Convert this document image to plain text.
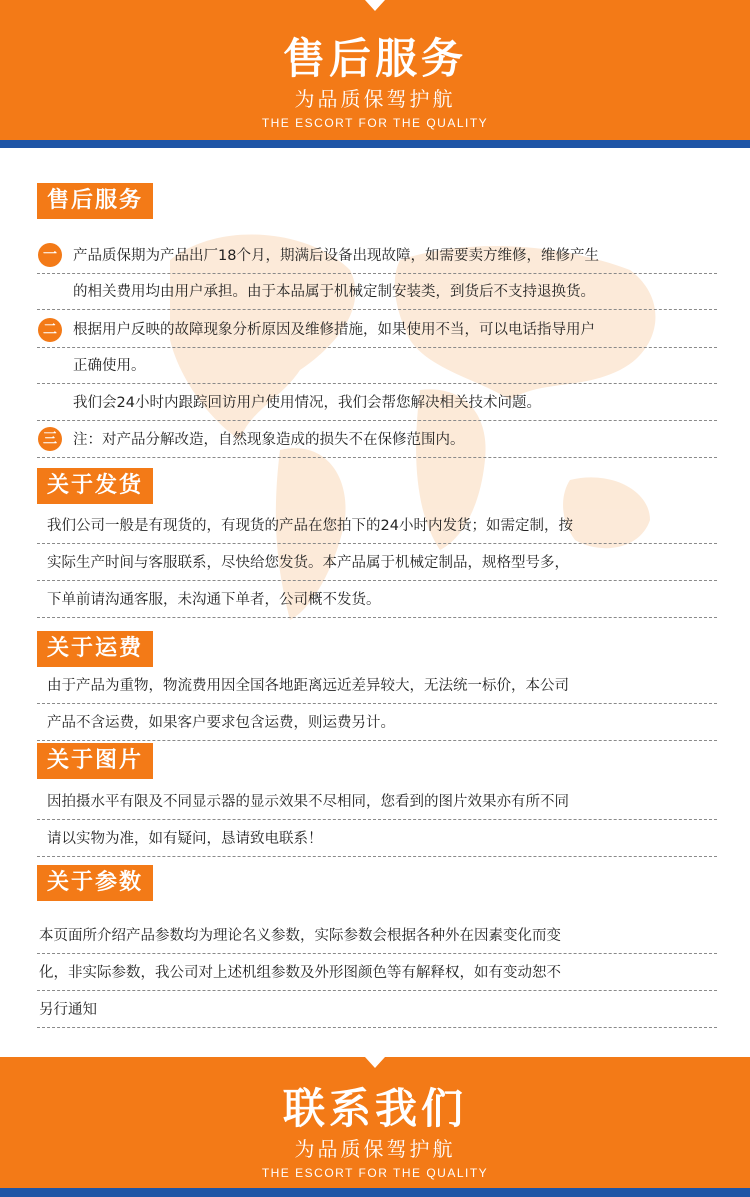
售后服务
为品质保驾护航
THE ESCORT FOR THE QUALITY
售后服务
一	产品质保期为产品出厂18个月，期满后设备出现故障，如需要卖方维修，维修产生
的相关费用均由用户承担。由于本品属于机械定制安装类，到货后不支持退换货。
二	根据用户反映的故障现象分析原因及维修措施，如果使用不当，可以电话指导用户
正确使用。
我们会24小时内跟踪回访用户使用情况，我们会帮您解决相关技术问题。
三	注：对产品分解改造，自然现象造成的损失不在保修范围内。
关于发货
我们公司一般是有现货的，有现货的产品在您拍下的24小时内发货；如需定制，按
实际生产时间与客服联系，尽快给您发货。本产品属于机械定制品，规格型号多，
下单前请沟通客服，未沟通下单者，公司概不发货。
关于运费
由于产品为重物，物流费用因全国各地距离远近差异较大，无法统一标价，本公司
产品不含运费，如果客户要求包含运费，则运费另计。
关于图片
因拍摄水平有限及不同显示器的显示效果不尽相同，您看到的图片效果亦有所不同
请以实物为准，如有疑问，恳请致电联系！
关于参数
本页面所介绍产品参数均为理论名义参数，实际参数会根据各种外在因素变化而变
化，非实际参数，我公司对上述机组参数及外形图颜色等有解释权，如有变动恕不
另行通知
联系我们
为品质保驾护航
THE ESCORT FOR THE QUALITY
